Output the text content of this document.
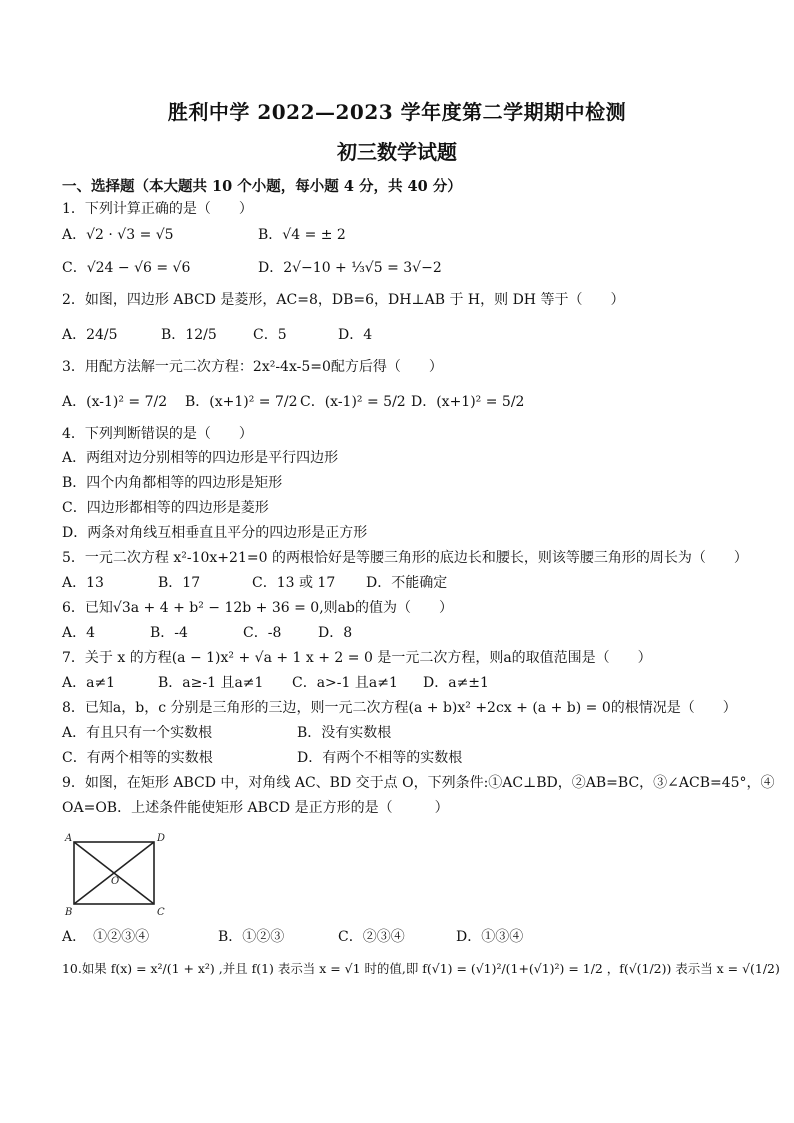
胜利中学 2022—2023 学年度第二学期期中检测
初三数学试题
一、选择题（本大题共 10 个小题，每小题 4 分，共 40 分）
1．下列计算正确的是（　　）
A．√2 · √3 = √5	B．√4 = ± 2
C．√24 − √6 = √6	D．2√−10 + ⅓√5 = 3√−2
2．如图，四边形 ABCD 是菱形，AC=8，DB=6，DH⊥AB 于 H，则 DH 等于（　　）
A．24/5	B．12/5	C．5	D．4
3．用配方法解一元二次方程：2x²-4x-5=0配方后得（　　）
A．(x-1)² = 7/2 B．(x+1)² = 7/2 C．(x-1)² = 5/2 D．(x+1)² = 5/2
4．下列判断错误的是（　　）
A．两组对边分别相等的四边形是平行四边形
B．四个内角都相等的四边形是矩形
C．四边形都相等的四边形是菱形
D．两条对角线互相垂直且平分的四边形是正方形
5．一元二次方程 x²-10x+21=0 的两根恰好是等腰三角形的底边长和腰长，则该等腰三角形的周长为（　　）
A．13	B．17	C．13 或 17 D．不能确定
6．已知√3a + 4 + b² − 12b + 36 = 0,则ab的值为（　　）
A．4	B．-4	C．-8	D．8
7．关于 x 的方程(a − 1)x² + √a + 1 x + 2 = 0 是一元二次方程，则a的取值范围是（　　）
A．a≠1	B．a≥-1 且a≠1 C．a>-1 且a≠1 D．a≠±1
8．已知a，b，c 分别是三角形的三边，则一元二次方程(a + b)x² +2cx + (a + b) = 0的根情况是（　　）
A．有且只有一个实数根	B．没有实数根
C．有两个相等的实数根	D．有两个不相等的实数根
9．如图，在矩形 ABCD 中，对角线 AC、BD 交于点 O，下列条件:①AC⊥BD，②AB=BC，③∠ACB=45°，④
OA=OB．上述条件能使矩形 ABCD 是正方形的是（　　　）
A	D
O
B	C
A．　①②③④	B．①②③	C．②③④	D．①③④
10.如果 f(x) = x²/(1 + x²) ,并且 f(1) 表示当 x = √1 时的值,即 f(√1) = (√1)²/(1+(√1)²) = 1/2 ，f(√(1/2)) 表示当 x = √(1/2)
